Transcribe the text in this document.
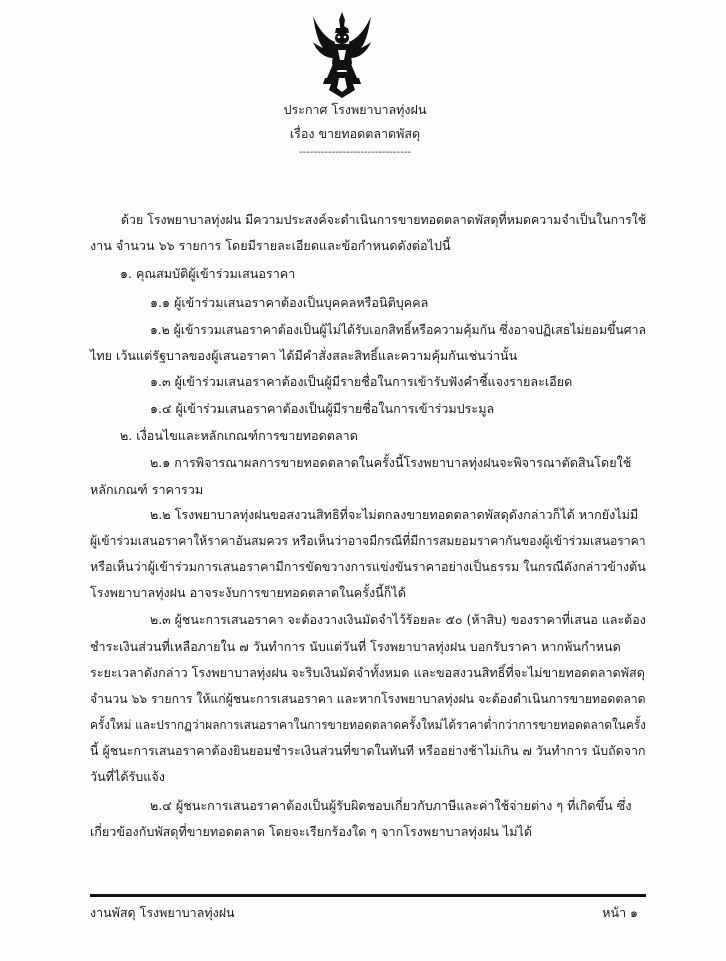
ประกาศ โรงพยาบาลทุ่งฝน
เรื่อง ขายทอดตลาดพัสดุ
-------------------------------
ด้วย โรงพยาบาลทุ่งฝน มีความประสงค์จะดำเนินการขายทอดตลาดพัสดุที่หมดความจำเป็นในการใช้
งาน จำนวน ๖๖ รายการ โดยมีรายละเอียดและข้อกำหนดดังต่อไปนี้
๑. คุณสมบัติผู้เข้าร่วมเสนอราคา
๑.๑ ผู้เข้าร่วมเสนอราคาต้องเป็นบุคคลหรือนิติบุคคล
๑.๒ ผู้เข้ารวมเสนอราคาต้องเป็นผู้ไม่ได้รับเอกสิทธิ์หรือความคุ้มกัน ซึ่งอาจปฏิเสธไม่ยอมขึ้นศาล
ไทย เว้นแต่รัฐบาลของผู้เสนอราคา ได้มีคำสั่งสละสิทธิ์และความคุ้มกันเช่นว่านั้น
๑.๓ ผู้เข้าร่วมเสนอราคาต้องเป็นผู้มีรายชื่อในการเข้ารับฟังคำชี้แจงรายละเอียด
๑.๔ ผู้เข้าร่วมเสนอราคาต้องเป็นผู้มีรายชื่อในการเข้าร่วมประมูล
๒. เงื่อนไขและหลักเกณฑ์การขายทอดตลาด
๒.๑ การพิจารณาผลการขายทอดตลาดในครั้งนี้โรงพยาบาลทุ่งฝนจะพิจารณาตัดสินโดยใช้
หลักเกณฑ์ ราคารวม
๒.๒ โรงพยาบาลทุ่งฝนขอสงวนสิทธิที่จะไม่ตกลงขายทอดตลาดพัสดุดังกล่าวก็ได้ หากยังไม่มี
ผู้เข้าร่วมเสนอราคาให้ราคาอันสมควร หรือเห็นว่าอาจมีกรณีที่มีการสมยอมราคากันของผู้เข้าร่วมเสนอราคา
หรือเห็นว่าผู้เข้าร่วมการเสนอราคามีการขัดขวางการแข่งขันราคาอย่างเป็นธรรม ในกรณีดังกล่าวข้างต้น
โรงพยาบาลทุ่งฝน อาจระงับการขายทอดตลาดในครั้งนี้ก็ได้
๒.๓ ผู้ชนะการเสนอราคา จะต้องวางเงินมัดจำไว้ร้อยละ ๕๐ (ห้าสิบ) ของราคาที่เสนอ และต้อง
ชำระเงินส่วนที่เหลือภายใน ๗ วันทำการ นับแต่วันที่ โรงพยาบาลทุ่งฝน บอกรับราคา หากพ้นกำหนด
ระยะเวลาดังกล่าว โรงพยาบาลทุ่งฝน จะริบเงินมัดจำทั้งหมด และขอสงวนสิทธิ์ที่จะไม่ขายทอดตลาดพัสดุ
จำนวน ๖๖ รายการ ให้แก่ผู้ชนะการเสนอราคา และหากโรงพยาบาลทุ่งฝน จะต้องดำเนินการขายทอดตลาด
ครั้งใหม่ และปรากฏว่าผลการเสนอราคาในการขายทอดตลาดครั้งใหม่ได้ราคาต่ำกว่าการขายทอดตลาดในครั้ง
นี้ ผู้ชนะการเสนอราคาต้องยินยอมชำระเงินส่วนที่ขาดในทันที หรืออย่างช้าไม่เกิน ๗ วันทำการ นับถัดจาก
วันที่ได้รับแจ้ง
๒.๔ ผู้ชนะการเสนอราคาต้องเป็นผู้รับผิดชอบเกี่ยวกับภาษีและค่าใช้จ่ายต่าง ๆ ที่เกิดขึ้น ซึ่ง
เกี่ยวข้องกับพัสดุที่ขายทอดตลาด โดยจะเรียกร้องใด ๆ จากโรงพยาบาลทุ่งฝน ไม่ได้
งานพัสดุ โรงพยาบาลทุ่งฝน	หน้า ๑
